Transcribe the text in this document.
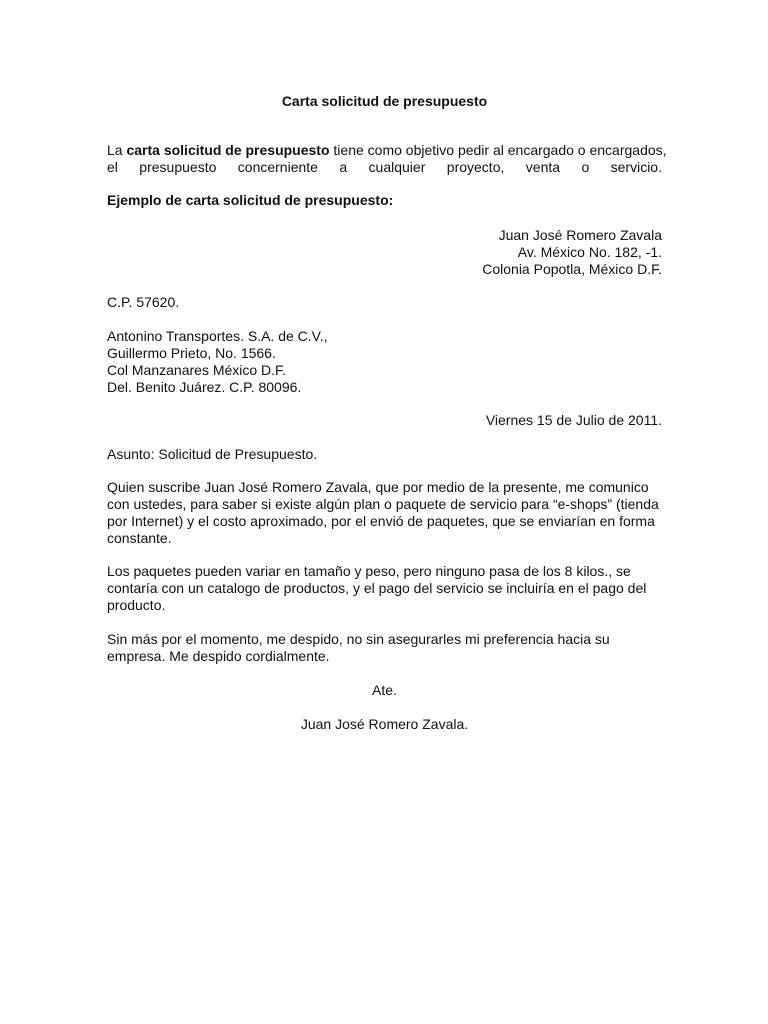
Carta solicitud de presupuesto

La carta solicitud de presupuesto tiene como objetivo pedir al encargado o encargados,
el presupuesto concerniente a cualquier proyecto, venta o servicio.

Ejemplo de carta solicitud de presupuesto:

Juan José Romero Zavala
Av. México No. 182, -1.
Colonia Popotla, México D.F.

C.P. 57620.

Antonino Transportes. S.A. de C.V.,
Guillermo Prieto, No. 1566.
Col Manzanares México D.F.
Del. Benito Juárez. C.P. 80096.

Viernes 15 de Julio de 2011.

Asunto: Solicitud de Presupuesto.

Quien suscribe Juan José Romero Zavala, que por medio de la presente, me comunico
con ustedes, para saber si existe algún plan o paquete de servicio para “e-shops” (tienda
por Internet) y el costo aproximado, por el envió de paquetes, que se enviarían en forma
constante.
Los paquetes pueden variar en tamaño y peso, pero ninguno pasa de los 8 kilos., se
contaría con un catalogo de productos, y el pago del servicio se incluiría en el pago del
producto.
Sin más por el momento, me despido, no sin asegurarles mi preferencia hacia su
empresa. Me despido cordialmente.

Ate.

Juan José Romero Zavala.
